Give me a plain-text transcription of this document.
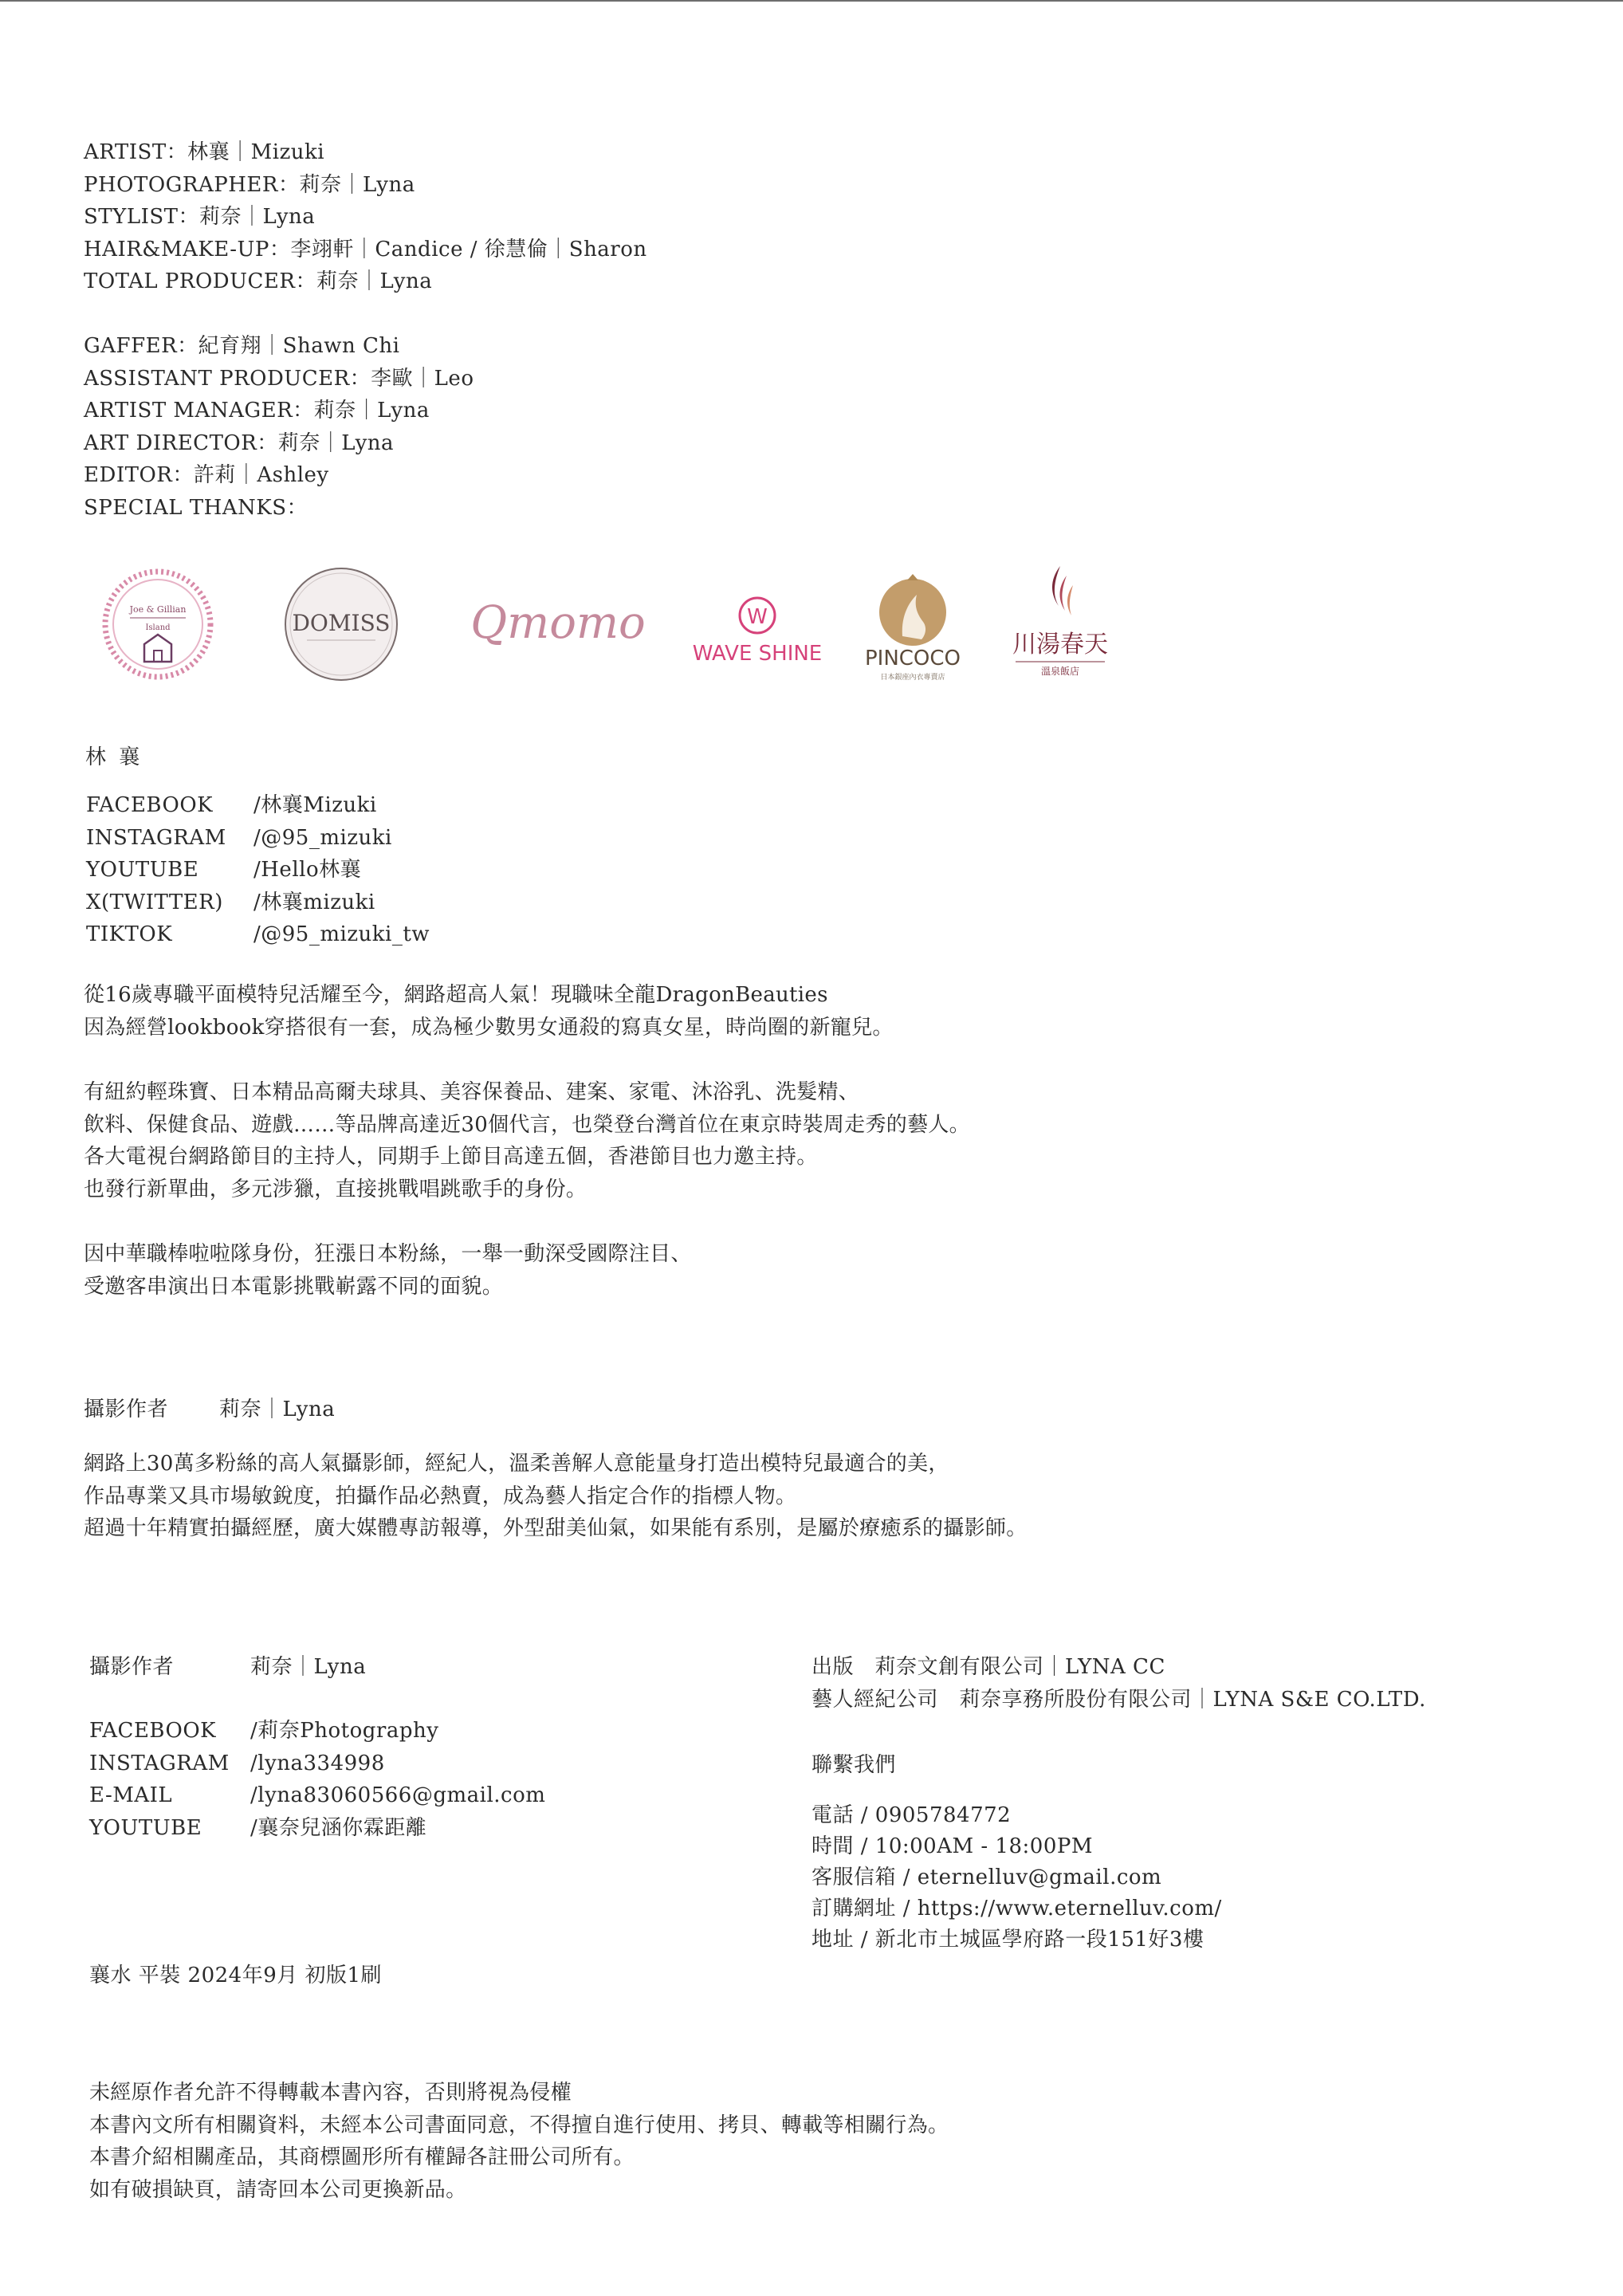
ARTIST：林襄｜Mizuki
PHOTOGRAPHER：莉奈｜Lyna
STYLIST：莉奈｜Lyna
HAIR&MAKE-UP：李翊軒｜Candice / 徐慧倫｜Sharon
TOTAL PRODUCER：莉奈｜Lyna
GAFFER：紀育翔｜Shawn Chi
ASSISTANT PRODUCER：李歐｜Leo
ARTIST MANAGER：莉奈｜Lyna
ART DIRECTOR：莉奈｜Lyna
EDITOR：許莉｜Ashley
SPECIAL THANKS：
Joe & Gillian
Island	DOMISS Qmomo	W
WAVE SHINE PINCOCO
日本銀座內衣專賣店
川湯春天
溫泉飯店
林 襄
FACEBOOK	/林襄Mizuki
INSTAGRAM	/@95_mizuki
YOUTUBE	/Hello林襄
X(TWITTER)	/林襄mizuki
TIKTOK	/@95_mizuki_tw
從16歲專職平面模特兒活耀至今，網路超高人氣！現職味全龍DragonBeauties
因為經營lookbook穿搭很有一套，成為極少數男女通殺的寫真女星，時尚圈的新寵兒。
有紐約輕珠寶、日本精品高爾夫球具、美容保養品、建案、家電、沐浴乳、洗髮精、
飲料、保健食品、遊戲……等品牌高達近30個代言，也榮登台灣首位在東京時裝周走秀的藝人。
各大電視台網路節目的主持人，同期手上節目高達五個，香港節目也力邀主持。
也發行新單曲，多元涉獵，直接挑戰唱跳歌手的身份。
因中華職棒啦啦隊身份，狂漲日本粉絲，一舉一動深受國際注目、
受邀客串演出日本電影挑戰嶄露不同的面貌。
攝影作者	莉奈｜Lyna
網路上30萬多粉絲的高人氣攝影師，經紀人，溫柔善解人意能量身打造出模特兒最適合的美，
作品專業又具市場敏銳度，拍攝作品必熱賣，成為藝人指定合作的指標人物。
超過十年精實拍攝經歷，廣大媒體專訪報導，外型甜美仙氣，如果能有系別，是屬於療癒系的攝影師。
攝影作者	莉奈｜Lyna
FACEBOOK	/莉奈Photography
INSTAGRAM	/lyna334998
E-MAIL	/lyna83060566@gmail.com
YOUTUBE	/襄奈兒涵你霖距離
襄水 平裝 2024年9月 初版1刷
出版　莉奈文創有限公司｜LYNA CC
藝人經紀公司　莉奈享務所股份有限公司｜LYNA S&E CO.LTD.
聯繫我們
電話 / 0905784772
時間 / 10:00AM - 18:00PM
客服信箱 / eternelluv@gmail.com
訂購網址 / https://www.eternelluv.com/
地址 / 新北市土城區學府路一段151好3樓
未經原作者允許不得轉載本書內容，否則將視為侵權
本書內文所有相關資料，未經本公司書面同意，不得擅自進行使用、拷貝、轉載等相關行為。
本書介紹相關產品，其商標圖形所有權歸各註冊公司所有。
如有破損缺頁，請寄回本公司更換新品。
